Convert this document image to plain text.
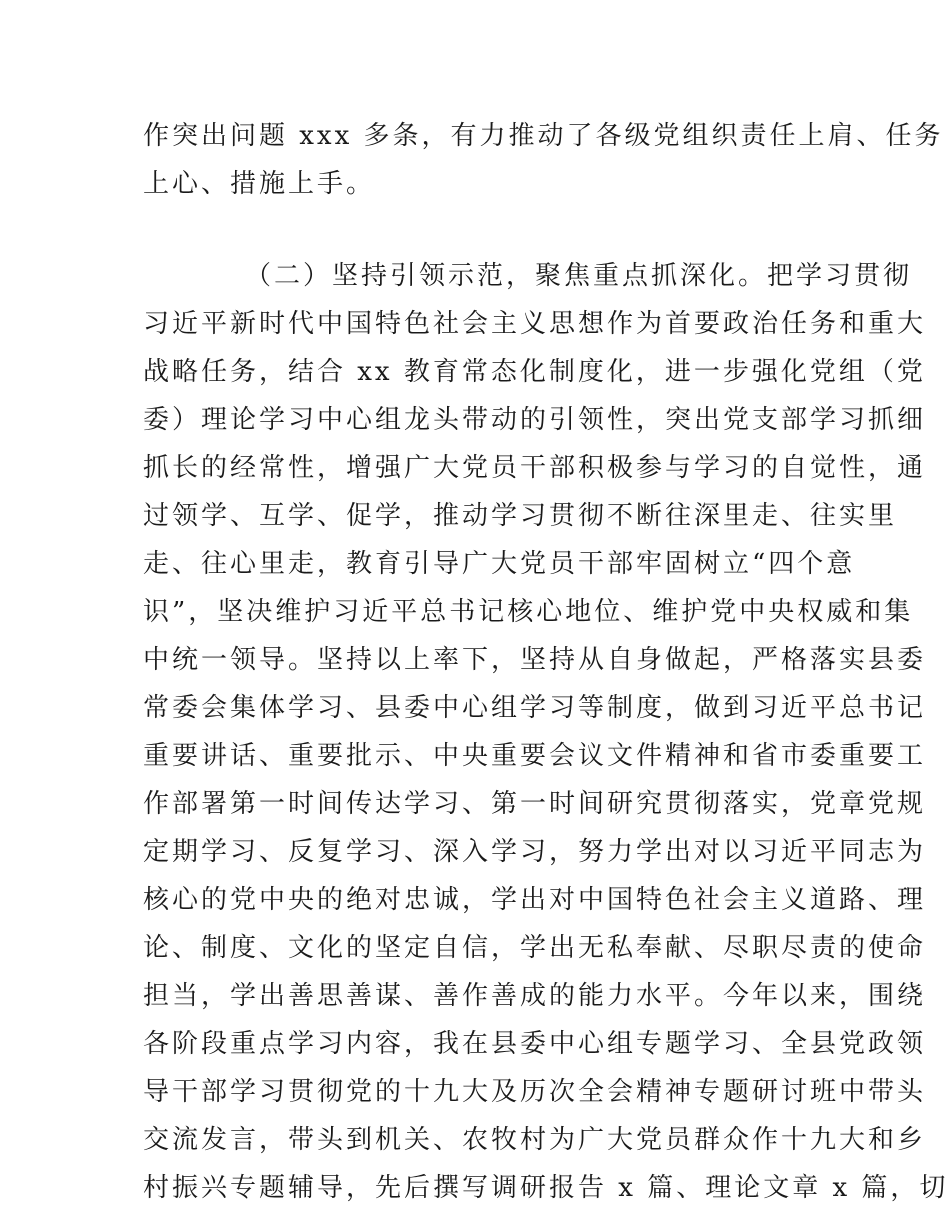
作突出问题 xxx 多条，有力推动了各级党组织责任上肩、任务
上心、措施上手。
（二）坚持引领示范，聚焦重点抓深化。把学习贯彻
习近平新时代中国特色社会主义思想作为首要政治任务和重大
战略任务，结合 xx 教育常态化制度化，进一步强化党组（党
委）理论学习中心组龙头带动的引领性，突出党支部学习抓细
抓长的经常性，增强广大党员干部积极参与学习的自觉性，通
过领学、互学、促学，推动学习贯彻不断往深里走、往实里
走、往心里走，教育引导广大党员干部牢固树立“四个意
识”，坚决维护习近平总书记核心地位、维护党中央权威和集
中统一领导。坚持以上率下，坚持从自身做起，严格落实县委
常委会集体学习、县委中心组学习等制度，做到习近平总书记
重要讲话、重要批示、中央重要会议文件精神和省市委重要工
作部署第一时间传达学习、第一时间研究贯彻落实，党章党规
定期学习、反复学习、深入学习，努力学出对以习近平同志为
核心的党中央的绝对忠诚，学出对中国特色社会主义道路、理
论、制度、文化的坚定自信，学出无私奉献、尽职尽责的使命
担当，学出善思善谋、善作善成的能力水平。今年以来，围绕
各阶段重点学习内容，我在县委中心组专题学习、全县党政领
导干部学习贯彻党的十九大及历次全会精神专题研讨班中带头
交流发言，带头到机关、农牧村为广大党员群众作十九大和乡
村振兴专题辅导，先后撰写调研报告 x 篇、理论文章 x 篇，切
